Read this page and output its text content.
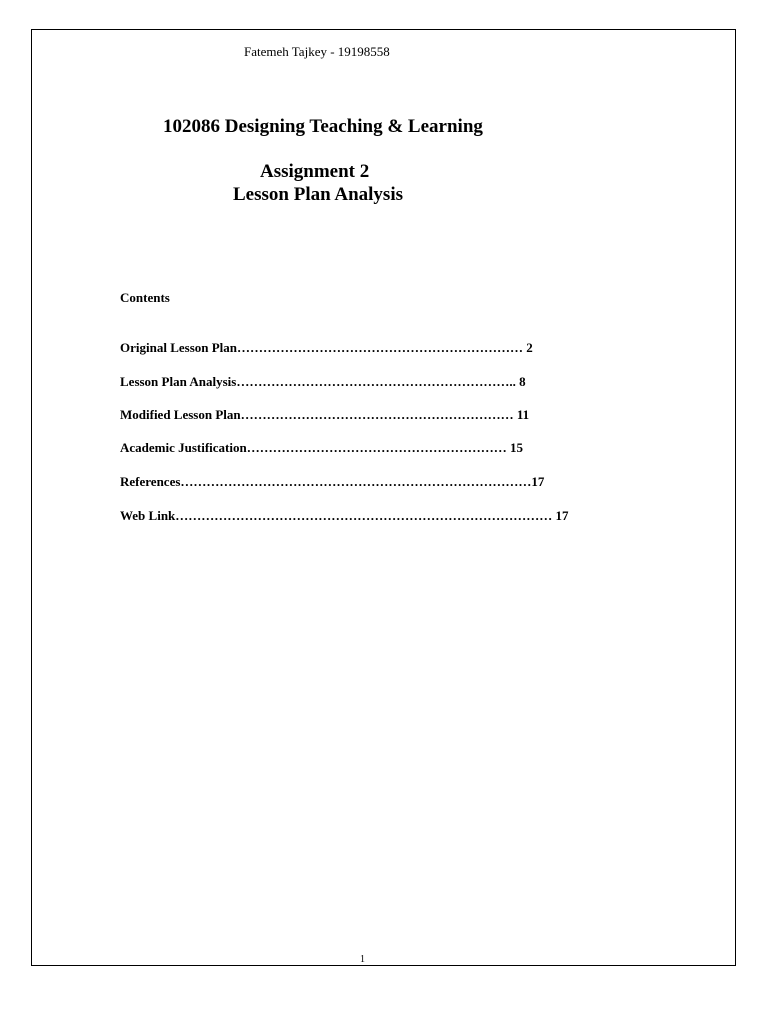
Fatemeh Tajkey - 19198558
102086 Designing Teaching & Learning
Assignment 2
Lesson Plan Analysis
Contents
Original Lesson Plan………………………………………………………… 2
Lesson Plan Analysis……………………………………………………….. 8
Modified Lesson Plan……………………………………………………… 11
Academic Justification…………………………………………………… 15
References………………………………………………………………………17
Web Link…………………………………………………………………………… 17
1
